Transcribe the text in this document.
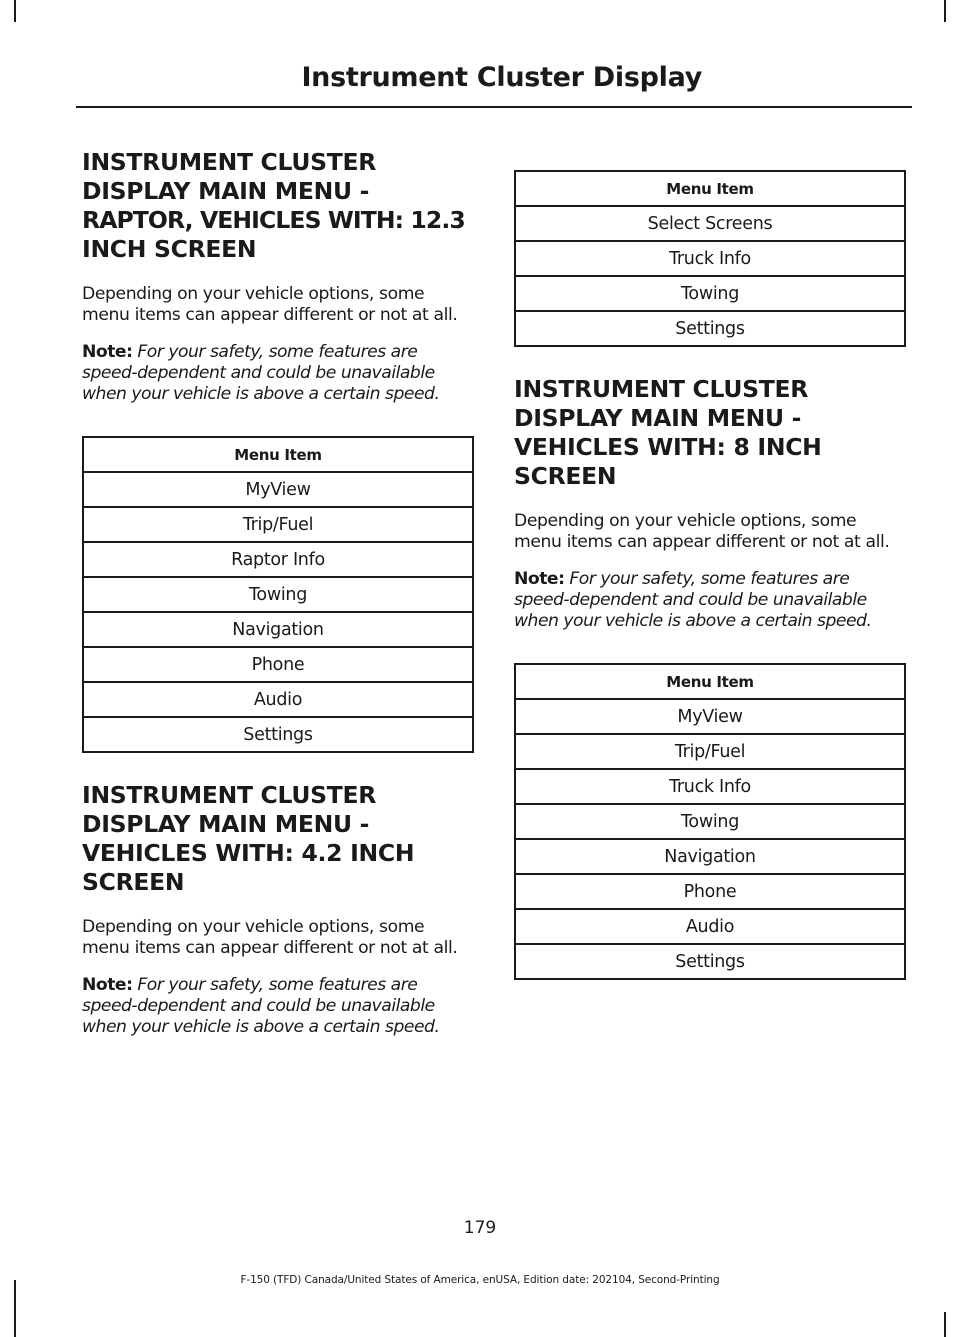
Instrument Cluster Display
INSTRUMENT CLUSTER
DISPLAY MAIN MENU -
RAPTOR, VEHICLES WITH: 12.3
INCH SCREEN

Depending on your vehicle options, some menu items can appear different or not at all.

Note: For your safety, some features are speed-dependent and could be unavailable when your vehicle is above a certain speed.

Menu Item
MyView
Trip/Fuel
Raptor Info
Towing
Navigation
Phone
Audio
Settings
INSTRUMENT CLUSTER
DISPLAY MAIN MENU -
VEHICLES WITH: 4.2 INCH
SCREEN

Depending on your vehicle options, some menu items can appear different or not at all.

Note: For your safety, some features are speed-dependent and could be unavailable when your vehicle is above a certain speed.

Menu Item
Select Screens
Truck Info
Towing
Settings
INSTRUMENT CLUSTER
DISPLAY MAIN MENU -
VEHICLES WITH: 8 INCH
SCREEN

Depending on your vehicle options, some menu items can appear different or not at all.

Note: For your safety, some features are speed-dependent and could be unavailable when your vehicle is above a certain speed.

Menu Item
MyView
Trip/Fuel
Truck Info
Towing
Navigation
Phone
Audio
Settings
179
F-150 (TFD) Canada/United States of America, enUSA, Edition date: 202104, Second-Printing
